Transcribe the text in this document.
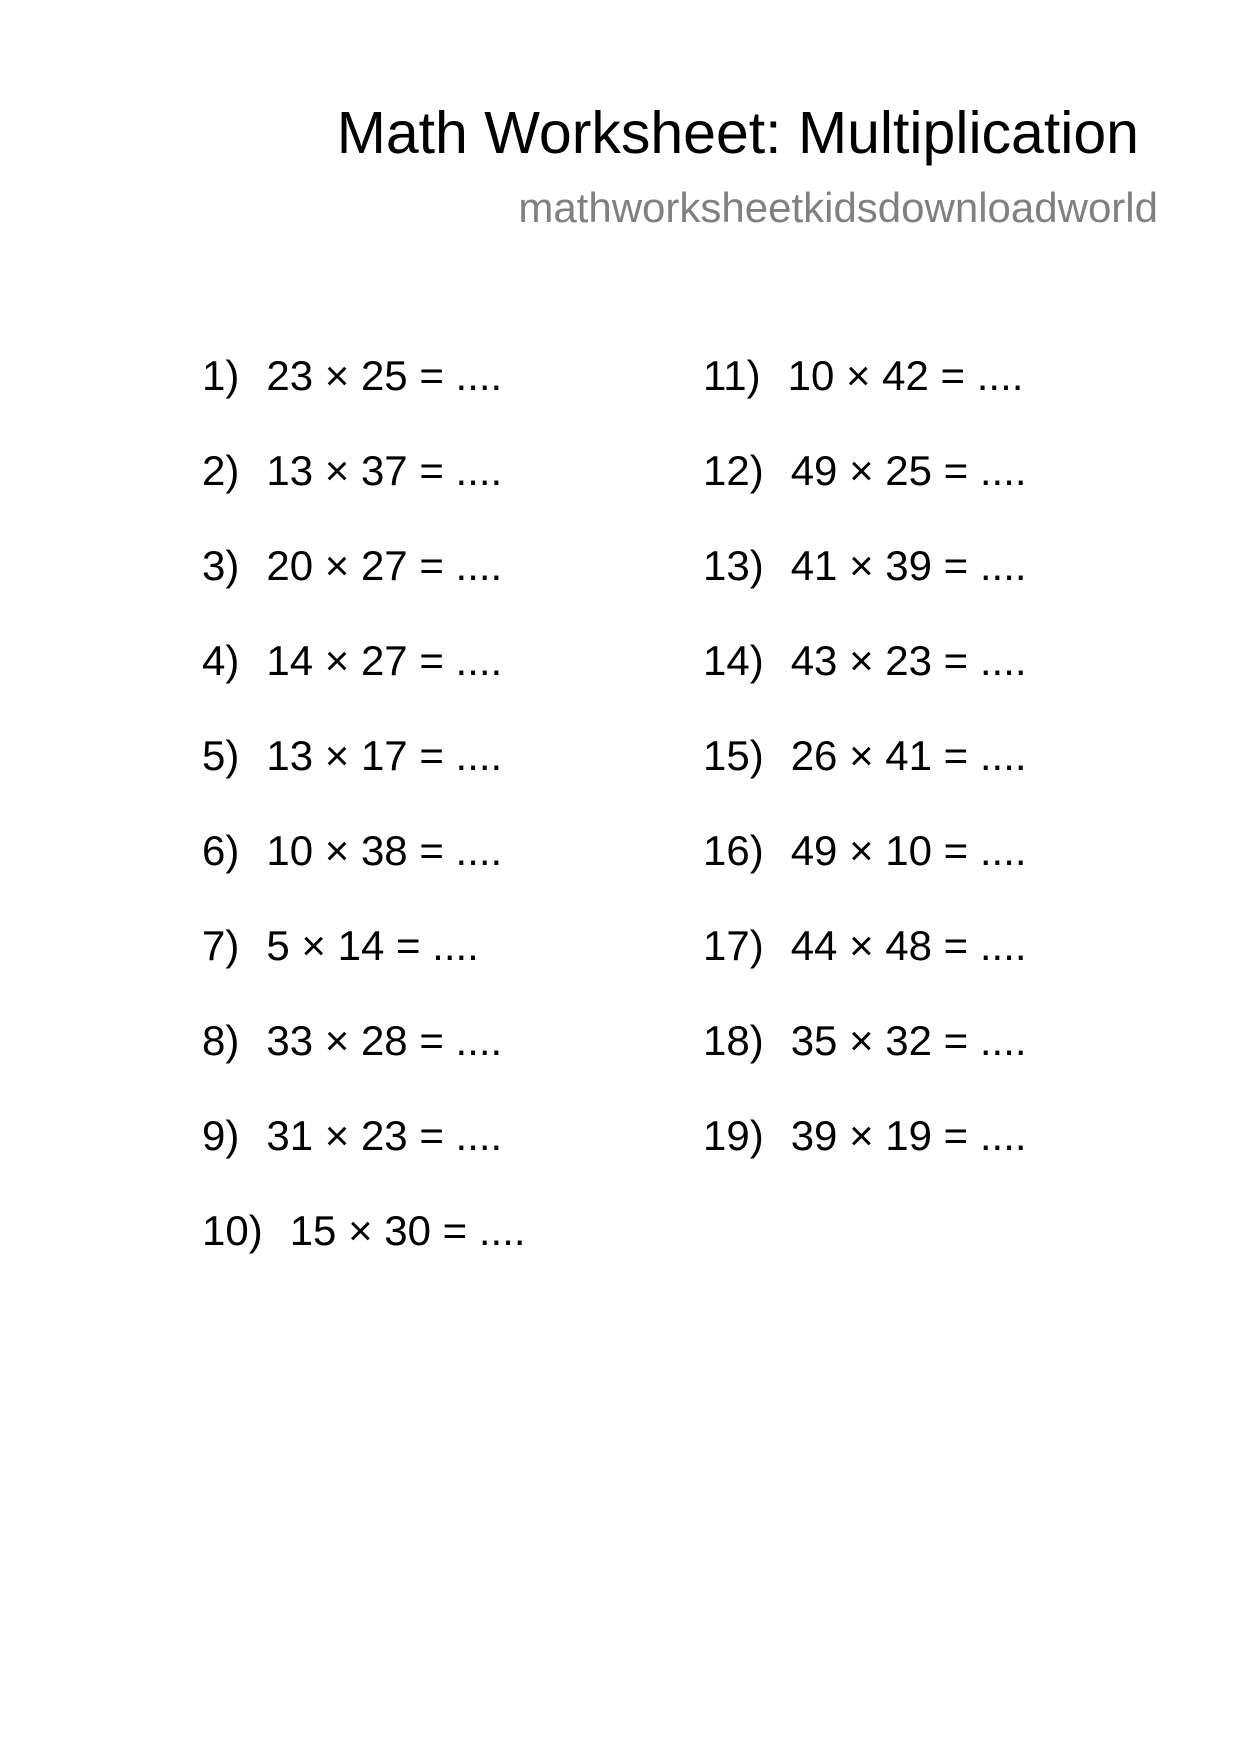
Math Worksheet: Multiplication
mathworksheetkidsdownloadworld
1) 23 × 25 = ....
2) 13 × 37 = ....
3) 20 × 27 = ....
4) 14 × 27 = ....
5) 13 × 17 = ....
6) 10 × 38 = ....
7) 5 × 14 = ....
8) 33 × 28 = ....
9) 31 × 23 = ....
10) 15 × 30 = ....
11) 10 × 42 = ....
12) 49 × 25 = ....
13) 41 × 39 = ....
14) 43 × 23 = ....
15) 26 × 41 = ....
16) 49 × 10 = ....
17) 44 × 48 = ....
18) 35 × 32 = ....
19) 39 × 19 = ....
